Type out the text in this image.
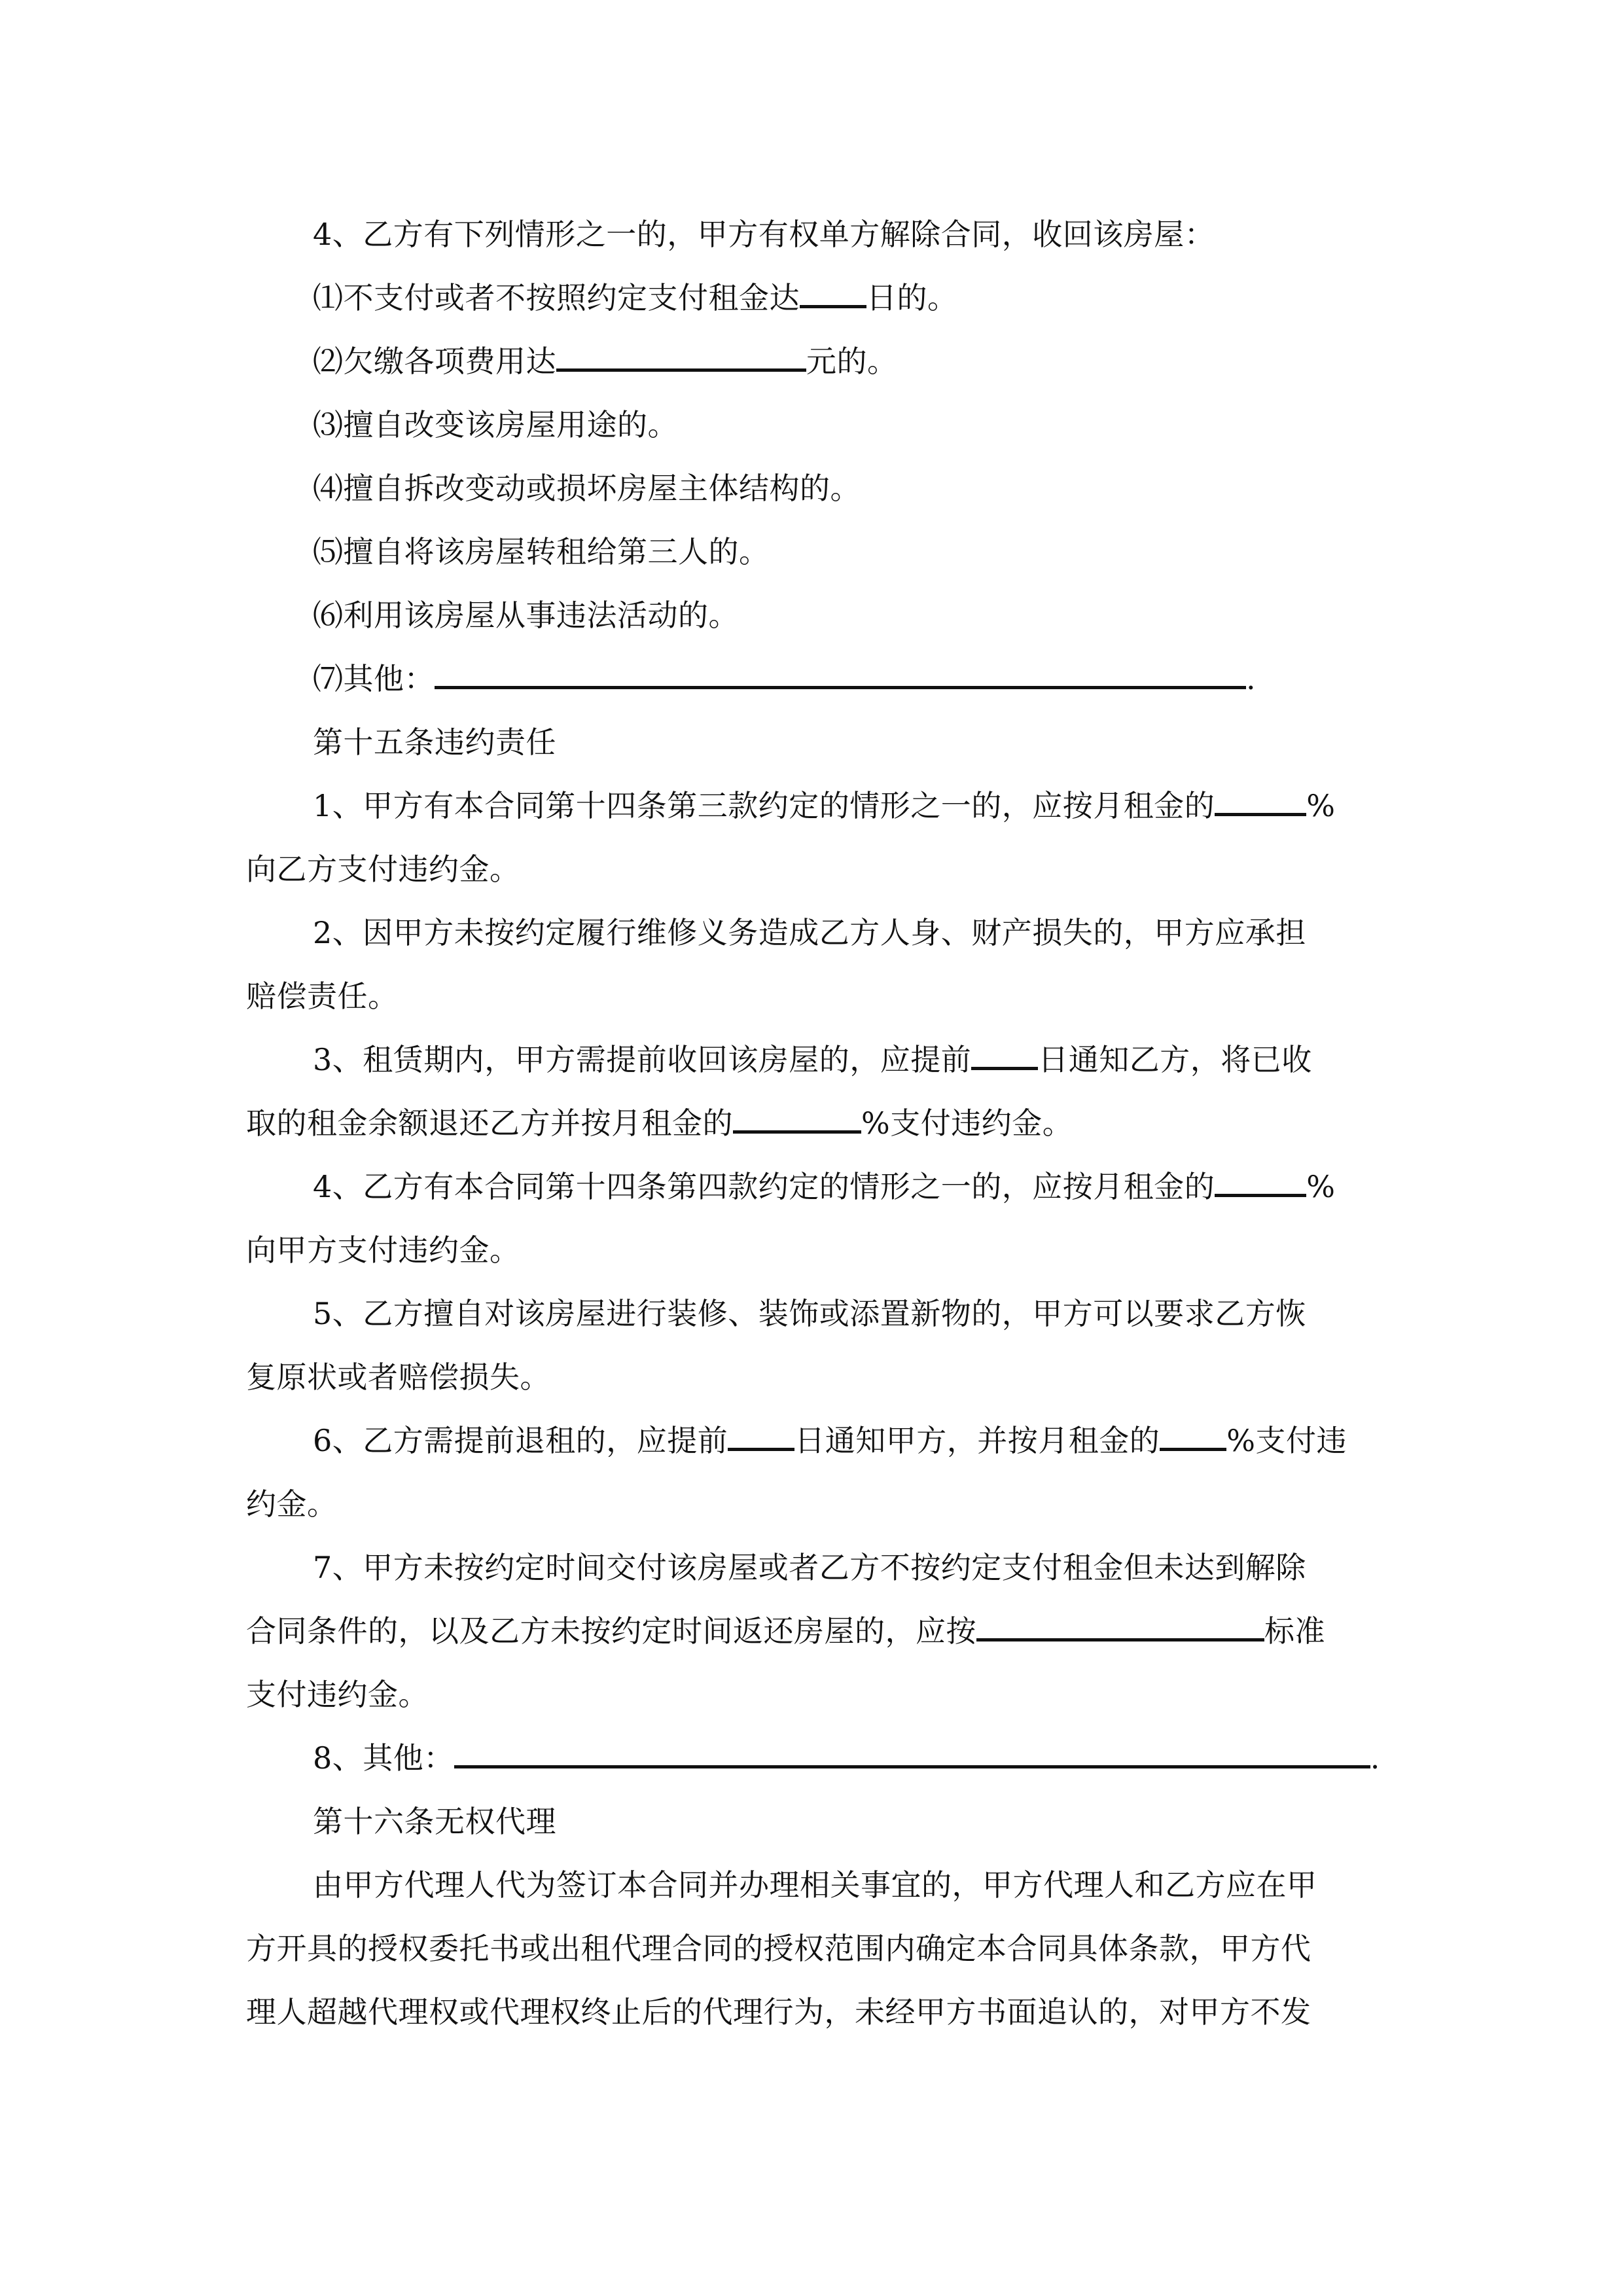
4、乙方有下列情形之一的，甲方有权单方解除合同，收回该房屋：
⑴不支付或者不按照约定支付租金达 日的。
⑵欠缴各项费用达	元的。
⑶擅自改变该房屋用途的。
⑷擅自拆改变动或损坏房屋主体结构的。
⑸擅自将该房屋转租给第三人的。
⑹利用该房屋从事违法活动的。
⑺其他：	.
第十五条违约责任
1、甲方有本合同第十四条第三款约定的情形之一的，应按月租金的	%
向乙方支付违约金。
2、因甲方未按约定履行维修义务造成乙方人身、财产损失的，甲方应承担
赔偿责任。
3、租赁期内，甲方需提前收回该房屋的，应提前 日通知乙方，将已收
取的租金余额退还乙方并按月租金的	%支付违约金。
4、乙方有本合同第十四条第四款约定的情形之一的，应按月租金的	%
向甲方支付违约金。
5、乙方擅自对该房屋进行装修、装饰或添置新物的，甲方可以要求乙方恢
复原状或者赔偿损失。
6、乙方需提前退租的，应提前 日通知甲方，并按月租金的 %支付违
约金。
7、甲方未按约定时间交付该房屋或者乙方不按约定支付租金但未达到解除
合同条件的，以及乙方未按约定时间返还房屋的，应按	标准
支付违约金。
8、其他：	.
第十六条无权代理
由甲方代理人代为签订本合同并办理相关事宜的，甲方代理人和乙方应在甲
方开具的授权委托书或出租代理合同的授权范围内确定本合同具体条款，甲方代
理人超越代理权或代理权终止后的代理行为，未经甲方书面追认的，对甲方不发
